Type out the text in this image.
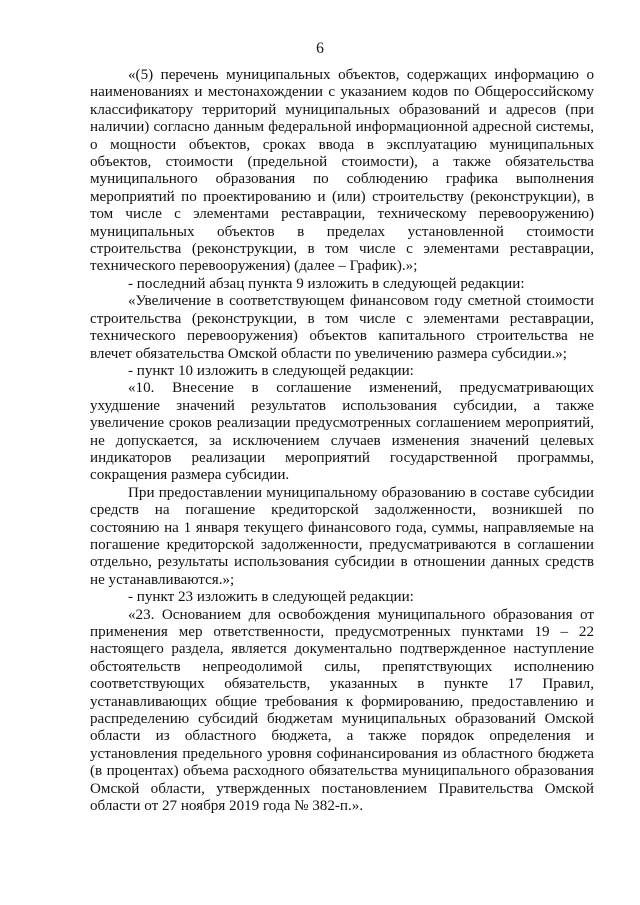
6

«(5) перечень муниципальных объектов, содержащих информацию о наименованиях и местонахождении с указанием кодов по Общероссийскому классификатору территорий муниципальных образований и адресов (при наличии) согласно данным федеральной информационной адресной системы, о мощности объектов, сроках ввода в эксплуатацию муниципальных объектов, стоимости (предельной стоимости), а также обязательства муниципального образования по соблюдению графика выполнения мероприятий по проектированию и (или) строительству (реконструкции), в том числе с элементами реставрации, техническому перевооружению) муниципальных объектов в пределах установленной стоимости строительства (реконструкции, в том числе с элементами реставрации, технического перевооружения) (далее – График).»;

- последний абзац пункта 9 изложить в следующей редакции:

«Увеличение в соответствующем финансовом году сметной стоимости строительства (реконструкции, в том числе с элементами реставрации, технического перевооружения) объектов капитального строительства не влечет обязательства Омской области по увеличению размера субсидии.»;

- пункт 10 изложить в следующей редакции:

«10. Внесение в соглашение изменений, предусматривающих ухудшение значений результатов использования субсидии, а также увеличение сроков реализации предусмотренных соглашением мероприятий, не допускается, за исключением случаев изменения значений целевых индикаторов реализации мероприятий государственной программы, сокращения размера субсидии.

При предоставлении муниципальному образованию в составе субсидии средств на погашение кредиторской задолженности, возникшей по состоянию на 1 января текущего финансового года, суммы, направляемые на погашение кредиторской задолженности, предусматриваются в соглашении отдельно, результаты использования субсидии в отношении данных средств не устанавливаются.»;

- пункт 23 изложить в следующей редакции:

«23. Основанием для освобождения муниципального образования от применения мер ответственности, предусмотренных пунктами 19 – 22 настоящего раздела, является документально подтвержденное наступление обстоятельств непреодолимой силы, препятствующих исполнению соответствующих обязательств, указанных в пункте 17 Правил, устанавливающих общие требования к формированию, предоставлению и распределению субсидий бюджетам муниципальных образований Омской области из областного бюджета, а также порядок определения и установления предельного уровня софинансирования из областного бюджета (в процентах) объема расходного обязательства муниципального образования Омской области, утвержденных постановлением Правительства Омской области от 27 ноября 2019 года № 382-п.».
